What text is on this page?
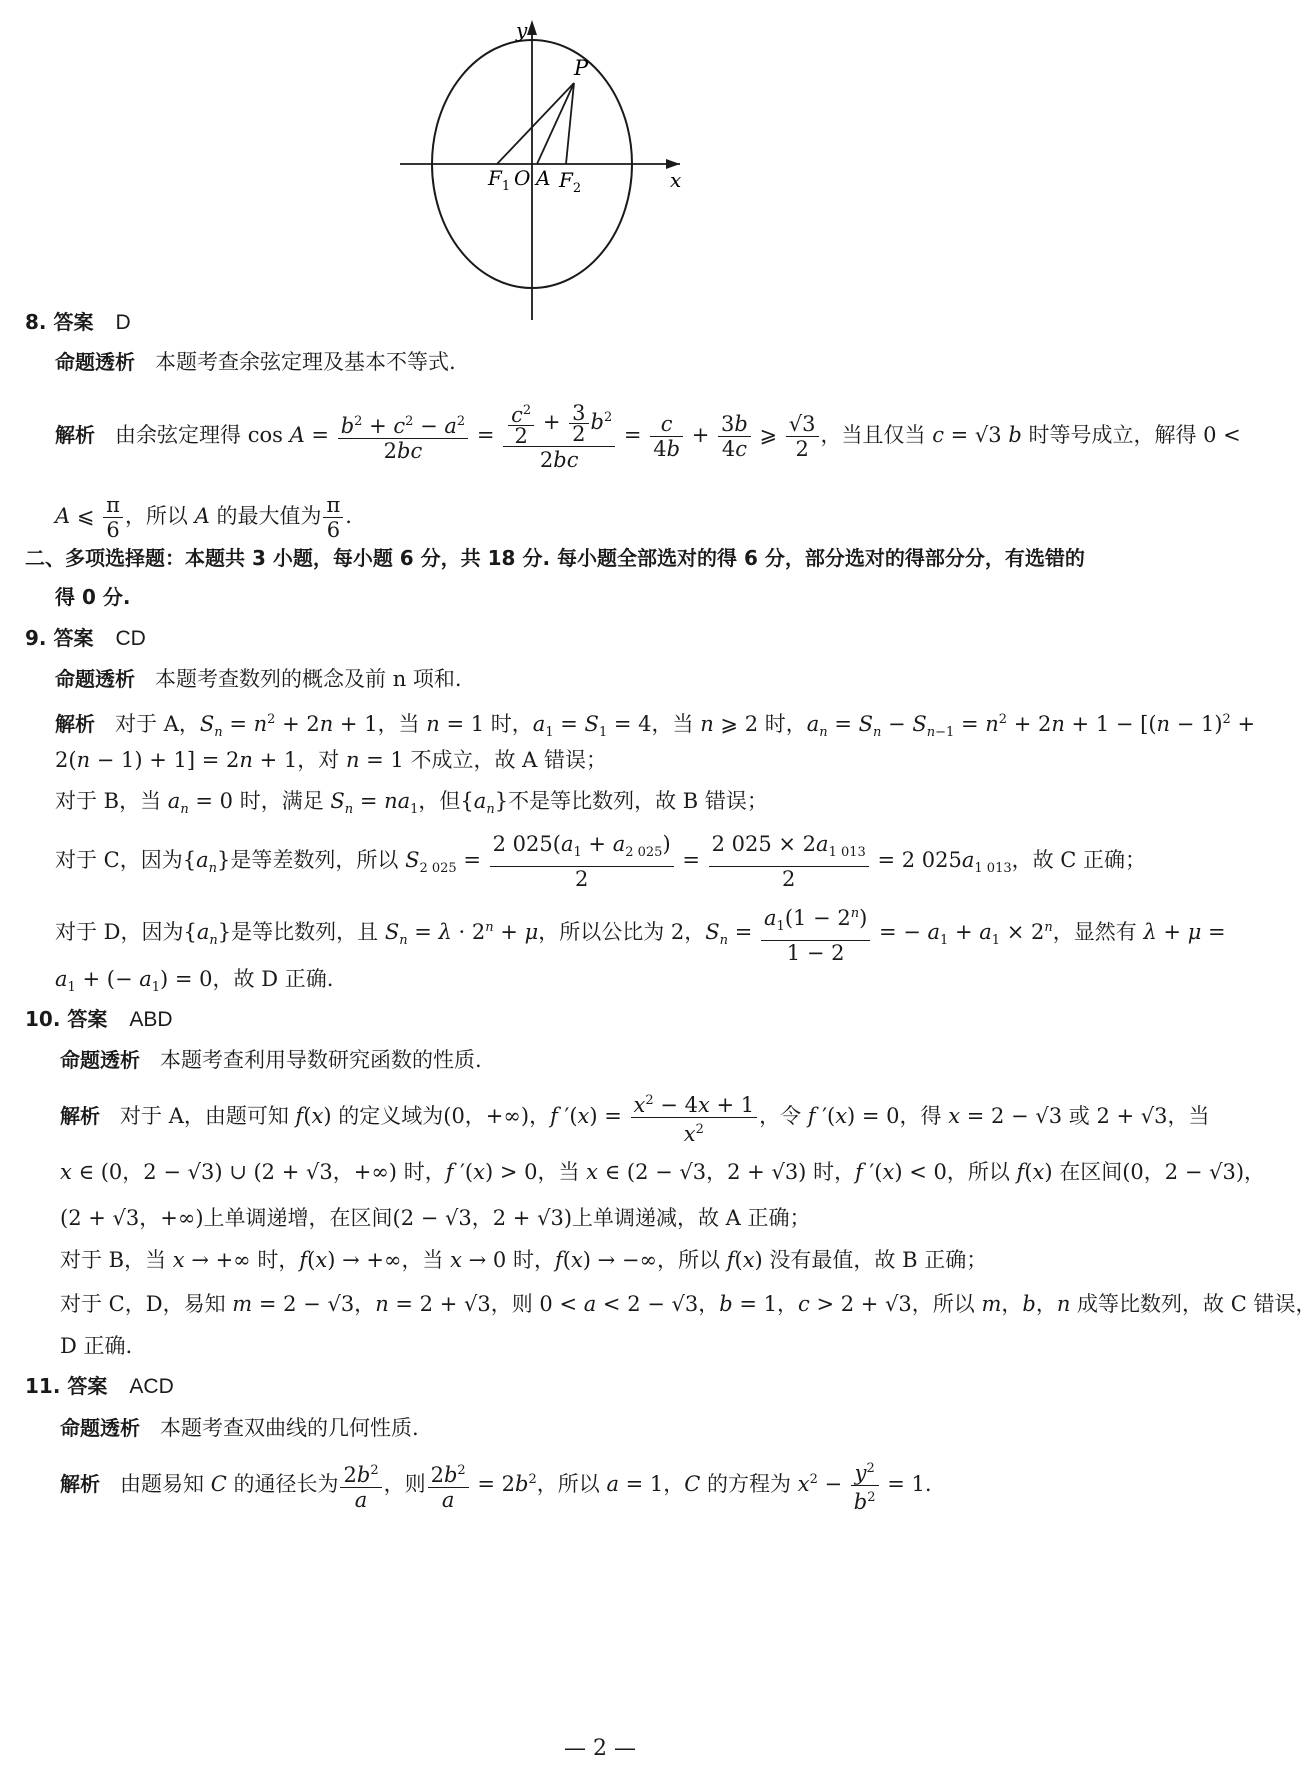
y
x
P
$F_1$ O A $F_2$
8. 答案 D
命题透析 本题考查余弦定理及基本不等式.
解析 由余弦定理得 $\cos A = \frac{b^2 + c^2 - a^2}{2bc} = \frac{\frac{c^2}{2} + \frac{3}{2} b^2}{2bc} = \frac{c}{4b} + \frac{3b}{4c}$ ⩾ $\frac{√3}{2}$ ，当且仅当 c = √3 b 时等号成立，解得 0 <
A ⩽ $\frac{\pi}{6}$ ，所以 A 的最大值为 $\frac{\pi}{6}$ .
二、多项选择题：本题共 3 小题，每小题 6 分，共 18 分. 每小题全部选对的得 6 分，部分选对的得部分分，有选错的
得 0 分.
9. 答案 CD
命题透析 本题考查数列的概念及前 n 项和.
解析 对于 A，$S_n = n^2 + 2n + 1$，当 n = 1 时，$a_1 = S_1 = 4$，当 n ⩾ 2 时，$a_n = S_n - S_{n-1} = n^2 + 2n + 1 - [(n - 1)^2$ +
2(n − 1) + 1] = 2n + 1，对 n = 1 不成立，故 A 错误；
对于 B，当 $a_n = 0$ 时，满足 $S_n = na_1$，但$\{a_n\}$不是等比数列，故 B 错误；
对于 C，因为$\{a_n\}$是等差数列，所以 $S_{2 025} = \frac{2 025(a_1 + a_{2 025})}{2} = \frac{2 025 \times 2a_{1 013}}{2} = 2$ $025a_{1 013}$，故 C 正确；
对于 D，因为$\{a_n\}$是等比数列，且 $S_n = \lambda \cdot 2^n + \mu$，所以公比为 2，$S_n = \frac{a_1(1 - 2^n)}{1 - 2}$ = − $a_1 + a_1 \times 2^n$，显然有 λ + μ =
$a_1$ + (− $a_1) = 0$，故 D 正确.
10. 答案 ABD
命题透析 本题考查利用导数研究函数的性质.
解析 对于 A，由题可知 f(x) 的定义域为(0，+∞)，f $'(x) = \frac{x^2 - 4x + 1}{x^2}$ ，令 f ′(x) = 0，得 x = 2 − √3 或 2 + √3，当
x ∈ (0，2 − √3) ∪ (2 + √3，+∞) 时，f ′(x) > 0，当 x ∈ (2 − √3，2 + √3) 时，f ′(x) < 0，所以 f(x) 在区间(0，2 − √3)，
(2 + √3，+∞)上单调递增，在区间(2 − √3，2 + √3)上单调递减，故 A 正确；
对于 B，当 x → +∞ 时，f(x) → +∞，当 x → 0 时，f(x) → −∞，所以 f(x) 没有最值，故 B 正确；
对于 C，D，易知 m = 2 − √3，n = 2 + √3，则 0 < a < 2 − √3，b = 1，c > 2 + √3，所以 m，b，n 成等比数列，故 C 错误，
D 正确.
11. 答案 ACD
命题透析 本题考查双曲线的几何性质.
解析 由题易知 C 的通径长为 $\frac{2b^2}{a}$ ，则 $\frac{2b^2}{a} = 2b^2$，所以 a = 1，C 的方程为 $x^2 - \frac{y^2}{b^2} = 1$.
— 2 —
